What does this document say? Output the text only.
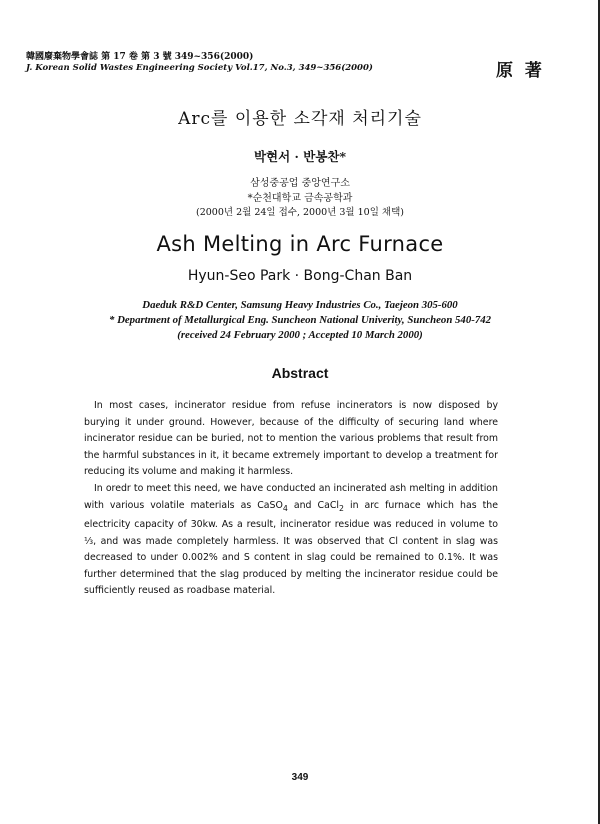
韓國廢棄物學會誌 第 17 卷 第 3 號 349~356(2000)
J. Korean Solid Wastes Engineering Society Vol.17, No.3, 349~356(2000)	原 著
Arc를 이용한 소각재 처리기술
박현서 · 반봉찬*
삼성중공업 중앙연구소
*순천대학교 금속공학과
(2000년 2월 24일 접수, 2000년 3월 10일 채택)
Ash Melting in Arc Furnace
Hyun-Seo Park · Bong-Chan Ban
Daeduk R&D Center, Samsung Heavy Industries Co., Taejeon 305-600
* Department of Metallurgical Eng. Suncheon National Univerity, Suncheon 540-742
(received 24 February 2000 ; Accepted 10 March 2000)
Abstract

In most cases, incinerator residue from refuse incinerators is now disposed by burying it under ground. However, because of the difficulty of securing land where incinerator residue can be buried, not to mention the various problems that result from the harmful substances in it, it became extremely important to develop a treatment for reducing its volume and making it harmless.

In oredr to meet this need, we have conducted an incinerated ash melting in addition with various volatile materials as CaSO$_4$ and CaCl$_2$ in arc furnace which has the electricity capacity of 30kw. As a result, incinerator residue was reduced in volume to ⅓, and was made completely harmless. It was observed that Cl content in slag was decreased to under 0.002% and S content in slag could be remained to 0.1%. It was further determined that the slag produced by melting the incinerator residue could be sufficiently reused as roadbase material.

349
